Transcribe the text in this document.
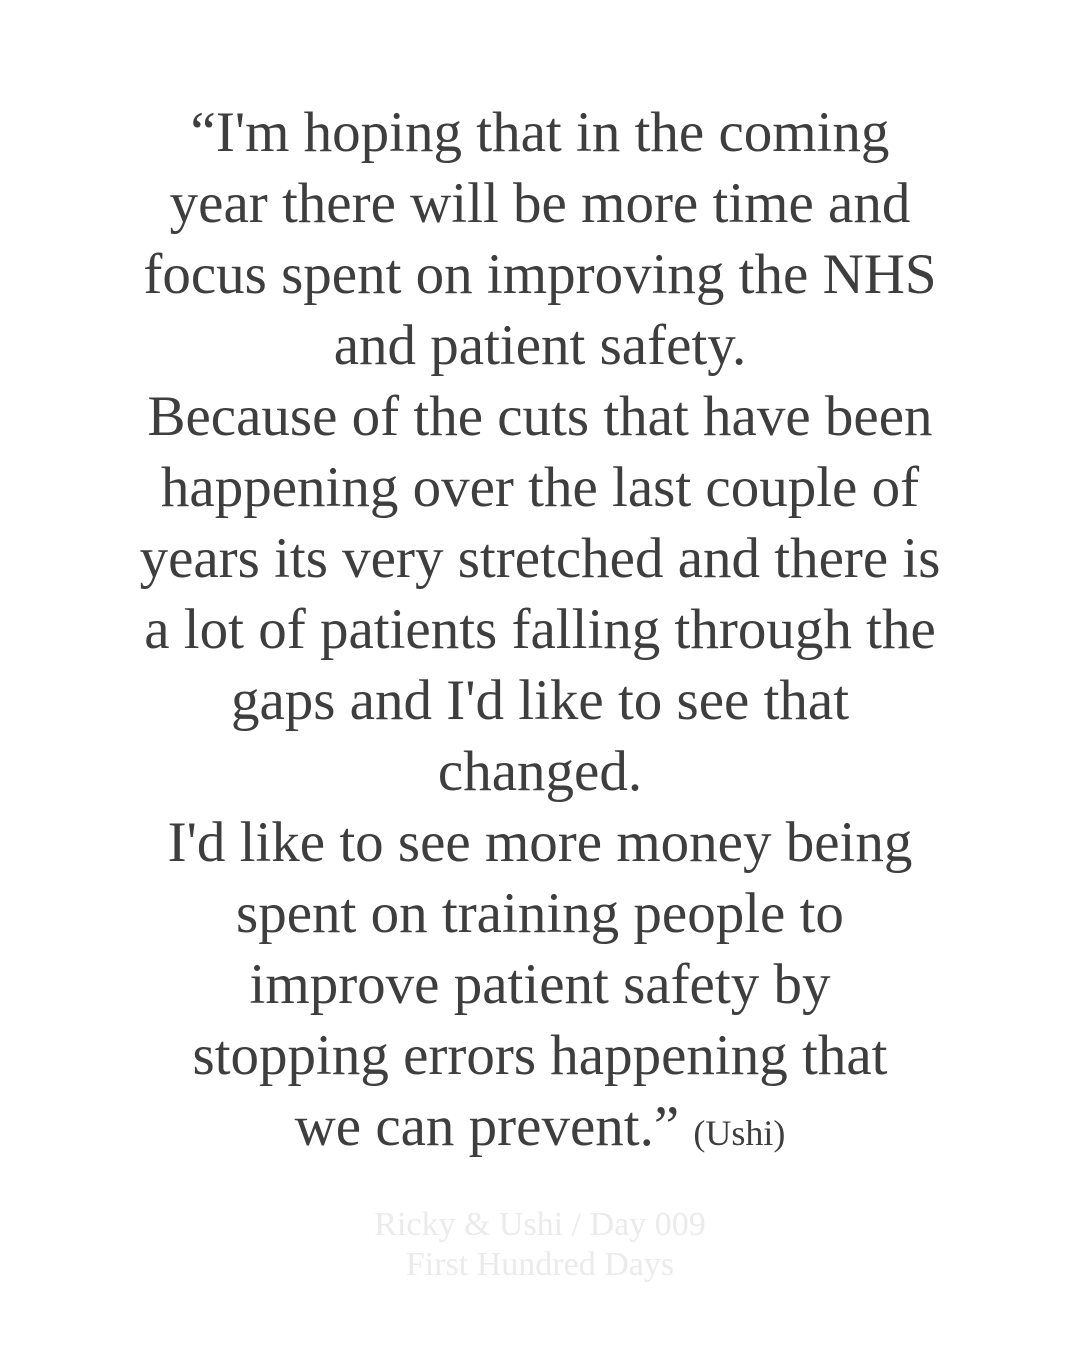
“I'm hoping that in the coming
year there will be more time and
focus spent on improving the NHS
and patient safety.
Because of the cuts that have been
happening over the last couple of
years its very stretched and there is
a lot of patients falling through the
gaps and I'd like to see that
changed.
I'd like to see more money being
spent on training people to
improve patient safety by
stopping errors happening that
we can prevent.” (Ushi)

Ricky & Ushi / Day 009
First Hundred Days
